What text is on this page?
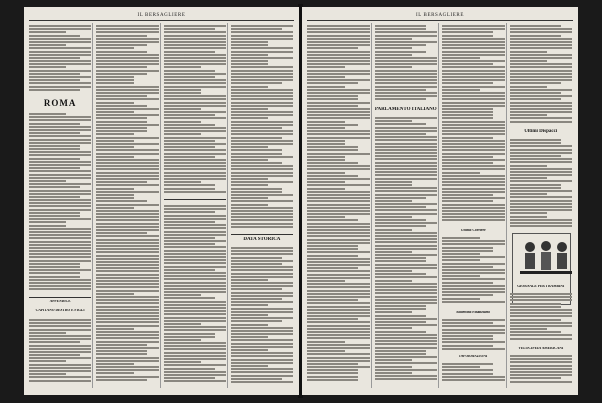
IL BERSAGLIERE
ROMA
APPENDICE
CAPITANO DESTRO E FIGLI
DATA STORICA
IL BERSAGLIERE
PARLAMENTO ITALIANO
Ultimo Corriere
Bollettino Finanziario
INFORMAZIONI
Ultimi Dispacci
GIORNALE PER I BAMBINI
VELOCIPEDI AMERICANI
